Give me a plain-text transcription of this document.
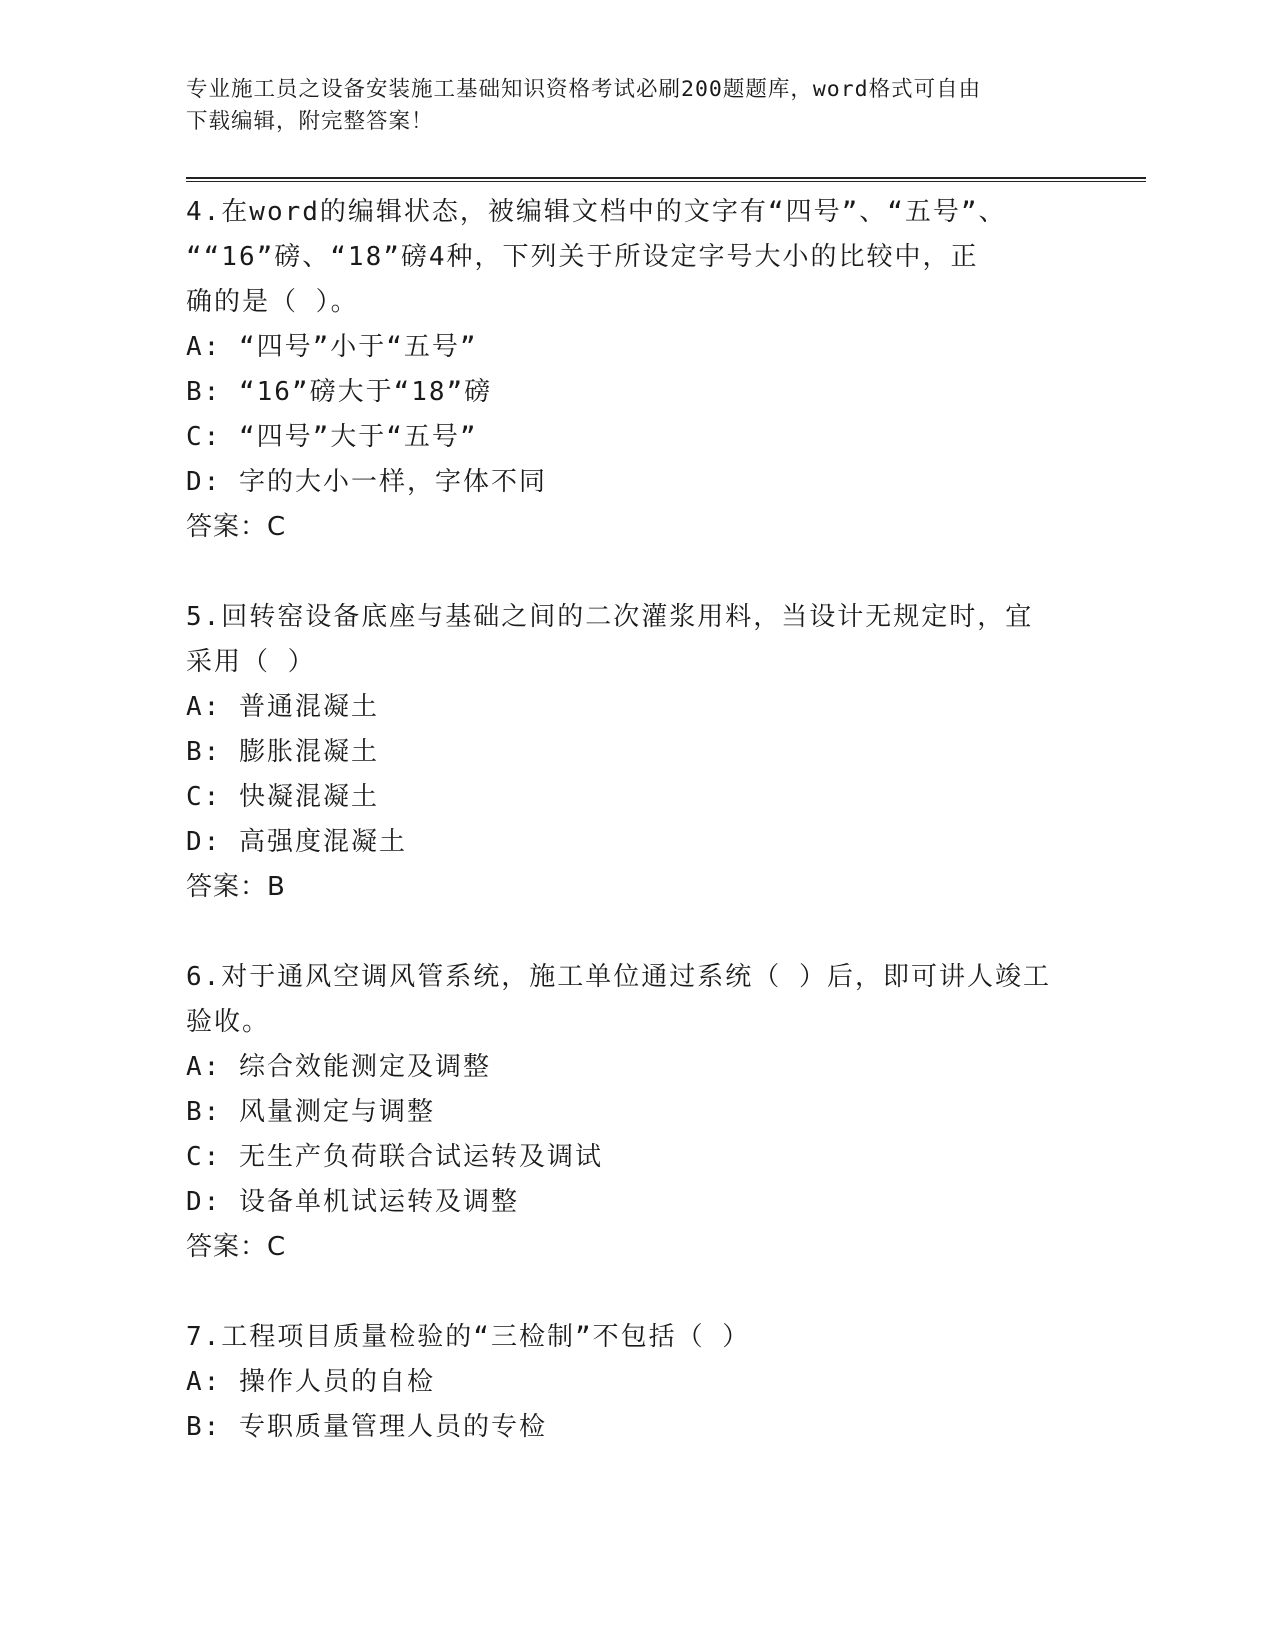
专业施工员之设备安装施工基础知识资格考试必刷200题题库，word格式可自由
下载编辑，附完整答案！

4.在word的编辑状态，被编辑文档中的文字有“四号”、“五号”、

““16”磅、“18”磅4种，下列关于所设定字号大小的比较中，正

确的是（ ）。

A: “四号”小于“五号”

B: “16”磅大于“18”磅

C: “四号”大于“五号”

D: 字的大小一样，字体不同

答案：C

5.回转窑设备底座与基础之间的二次灌浆用料，当设计无规定时，宜

采用（ ）

A: 普通混凝土

B: 膨胀混凝土

C: 快凝混凝土

D: 高强度混凝土

答案：B

6.对于通风空调风管系统，施工单位通过系统（ ）后，即可讲人竣工

验收。

A: 综合效能测定及调整

B: 风量测定与调整

C: 无生产负荷联合试运转及调试

D: 设备单机试运转及调整

答案：C

7.工程项目质量检验的“三检制”不包括（ ）

A: 操作人员的自检

B: 专职质量管理人员的专检
